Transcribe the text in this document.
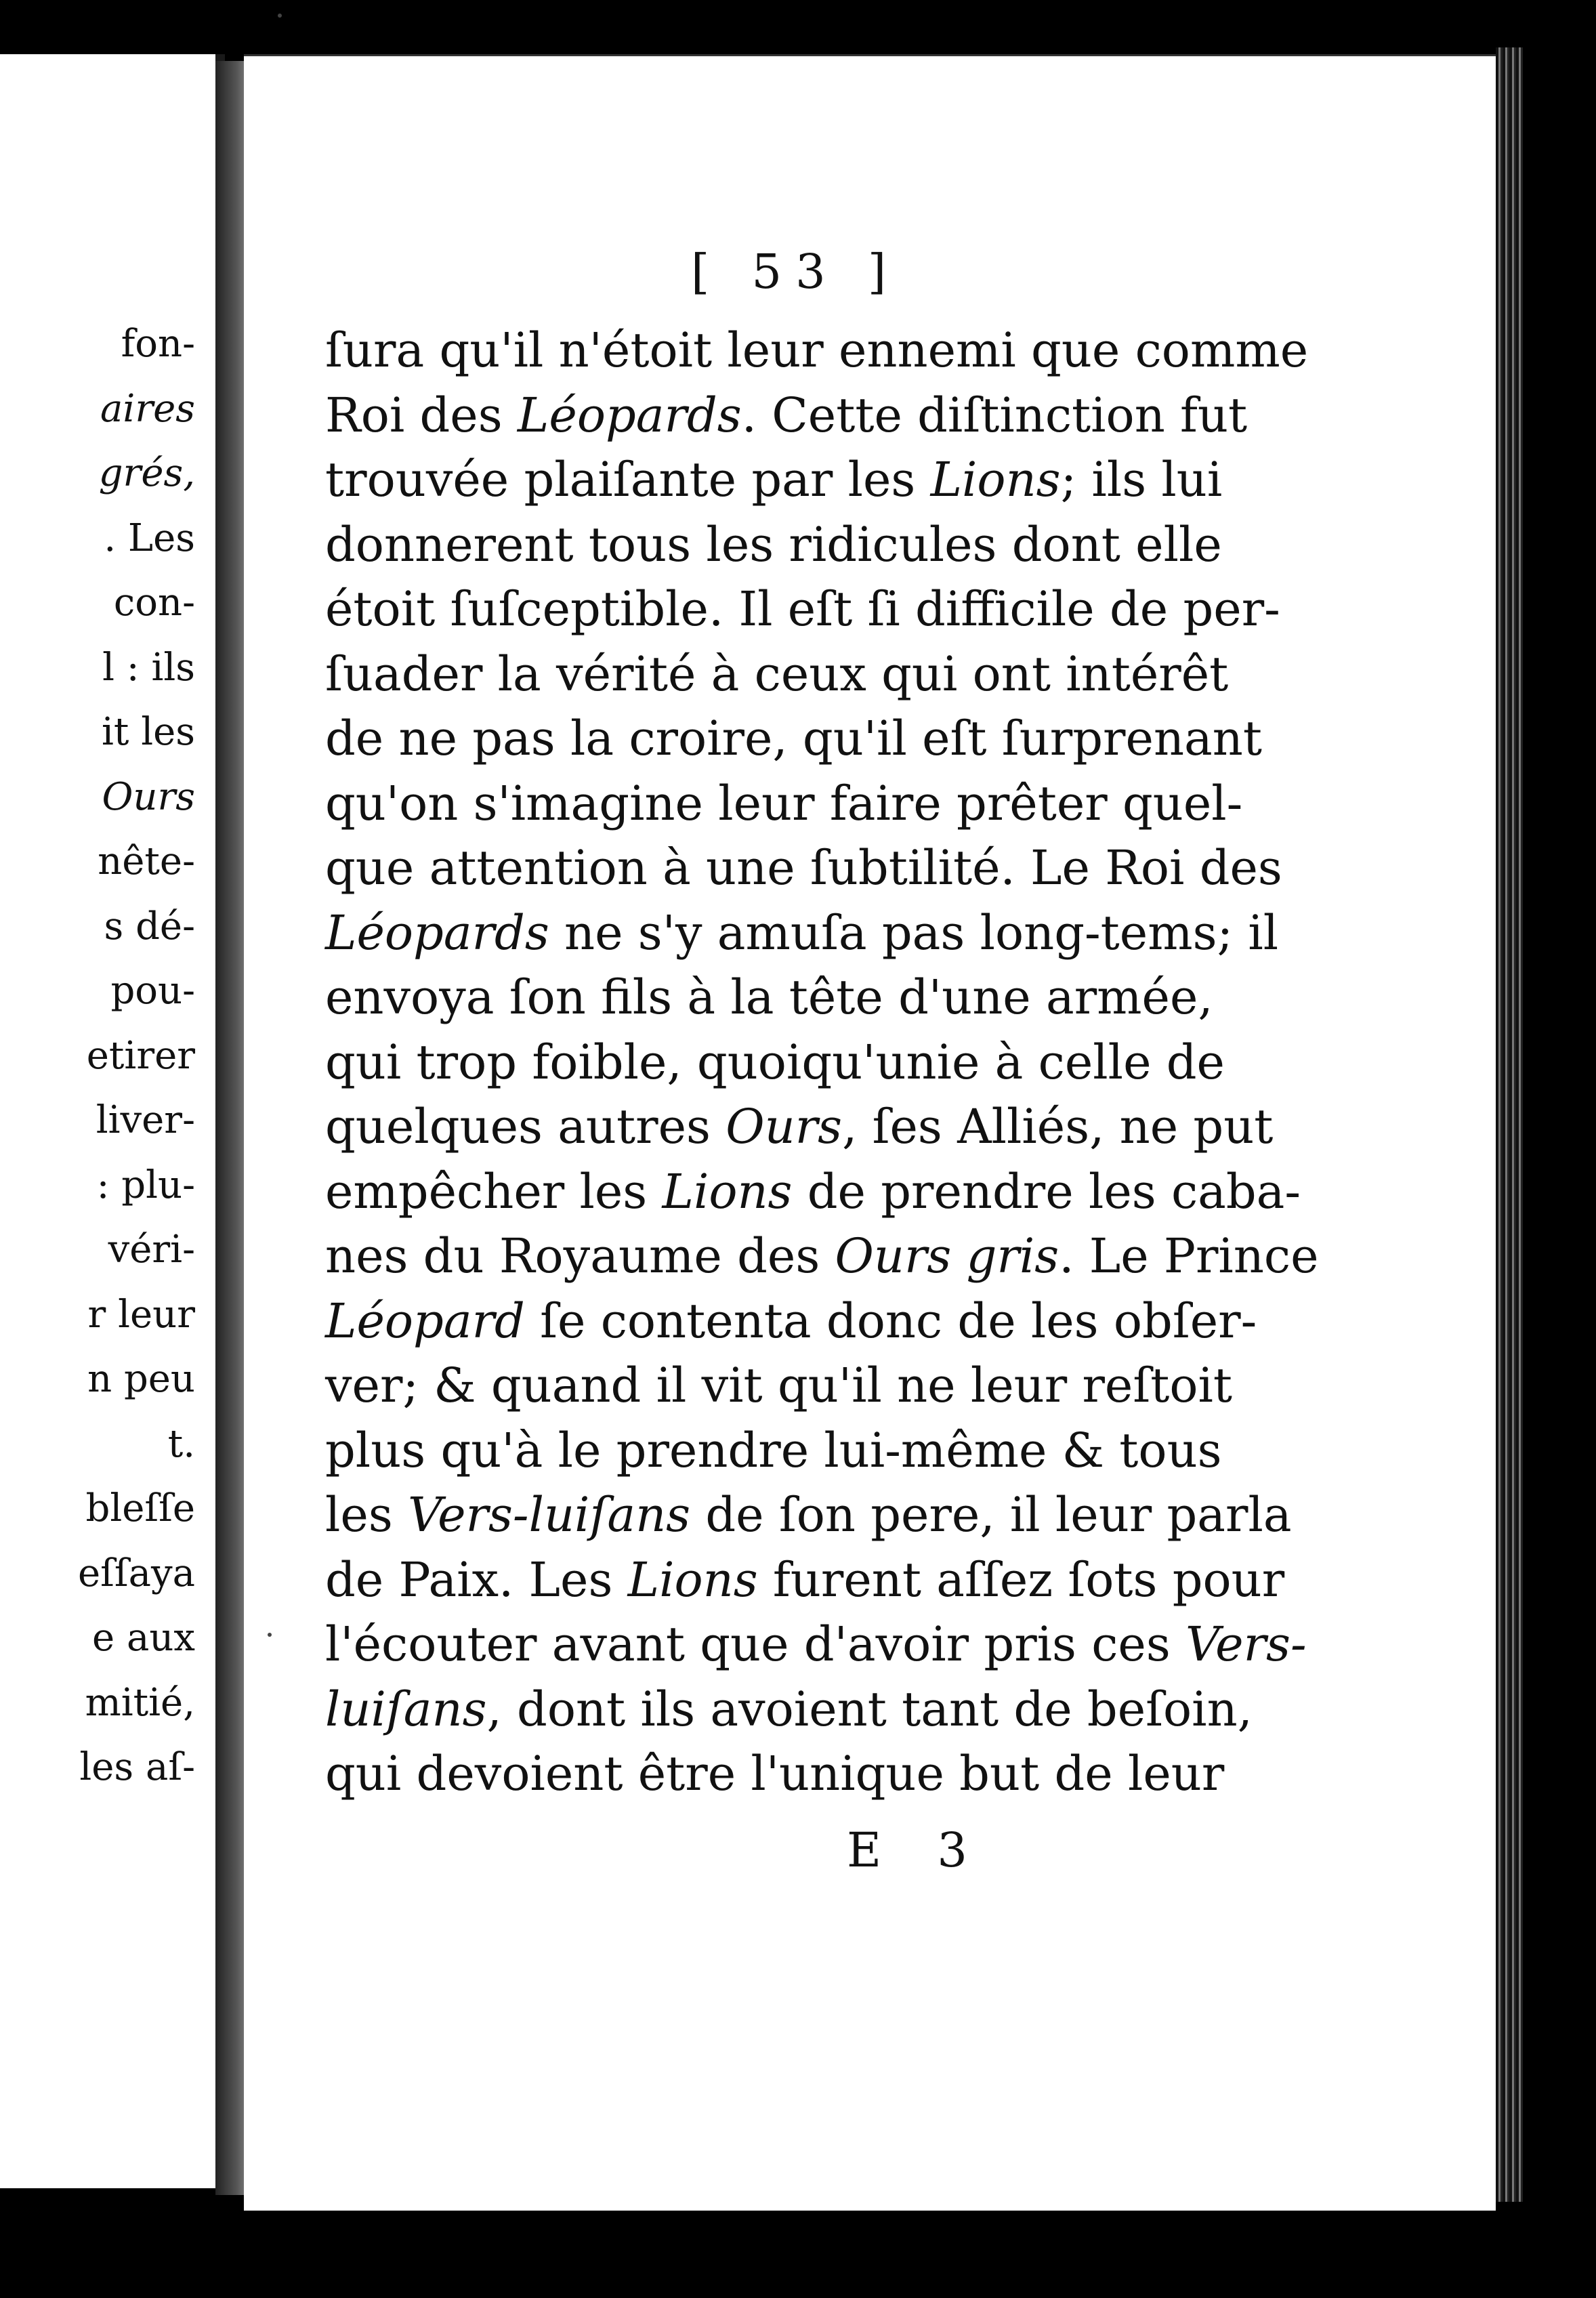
fon-
aires
grés,
. Les
con-
l : ils
it les
Ours
nête-
s dé-
pou-
etirer
liver-
: plu-
véri-
r leur
n peu
t.
bleſſe
eſſaya
e aux
mitié,
les aſ-
[ 53 ]
ſura qu'il n'étoit leur ennemi que comme
Roi des Léopards. Cette diſtinction fut
trouvée plaiſante par les Lions; ils lui
donnerent tous les ridicules dont elle
étoit ſuſceptible. Il eſt ſi difficile de per-
ſuader la vérité à ceux qui ont intérêt
de ne pas la croire, qu'il eſt ſurprenant
qu'on s'imagine leur faire prêter quel-
que attention à une ſubtilité. Le Roi des
Léopards ne s'y amuſa pas long-tems; il
envoya ſon fils à la tête d'une armée,
qui trop foible, quoiqu'unie à celle de
quelques autres Ours, ſes Alliés, ne put
empêcher les Lions de prendre les caba-
nes du Royaume des Ours gris. Le Prince
Léopard ſe contenta donc de les obſer-
ver; & quand il vit qu'il ne leur reſtoit
plus qu'à le prendre lui-même & tous
les Vers-luiſans de ſon pere, il leur parla
de Paix. Les Lions furent aſſez ſots pour
l'écouter avant que d'avoir pris ces Vers-
luiſans, dont ils avoient tant de beſoin,
qui devoient être l'unique but de leur
E 3
